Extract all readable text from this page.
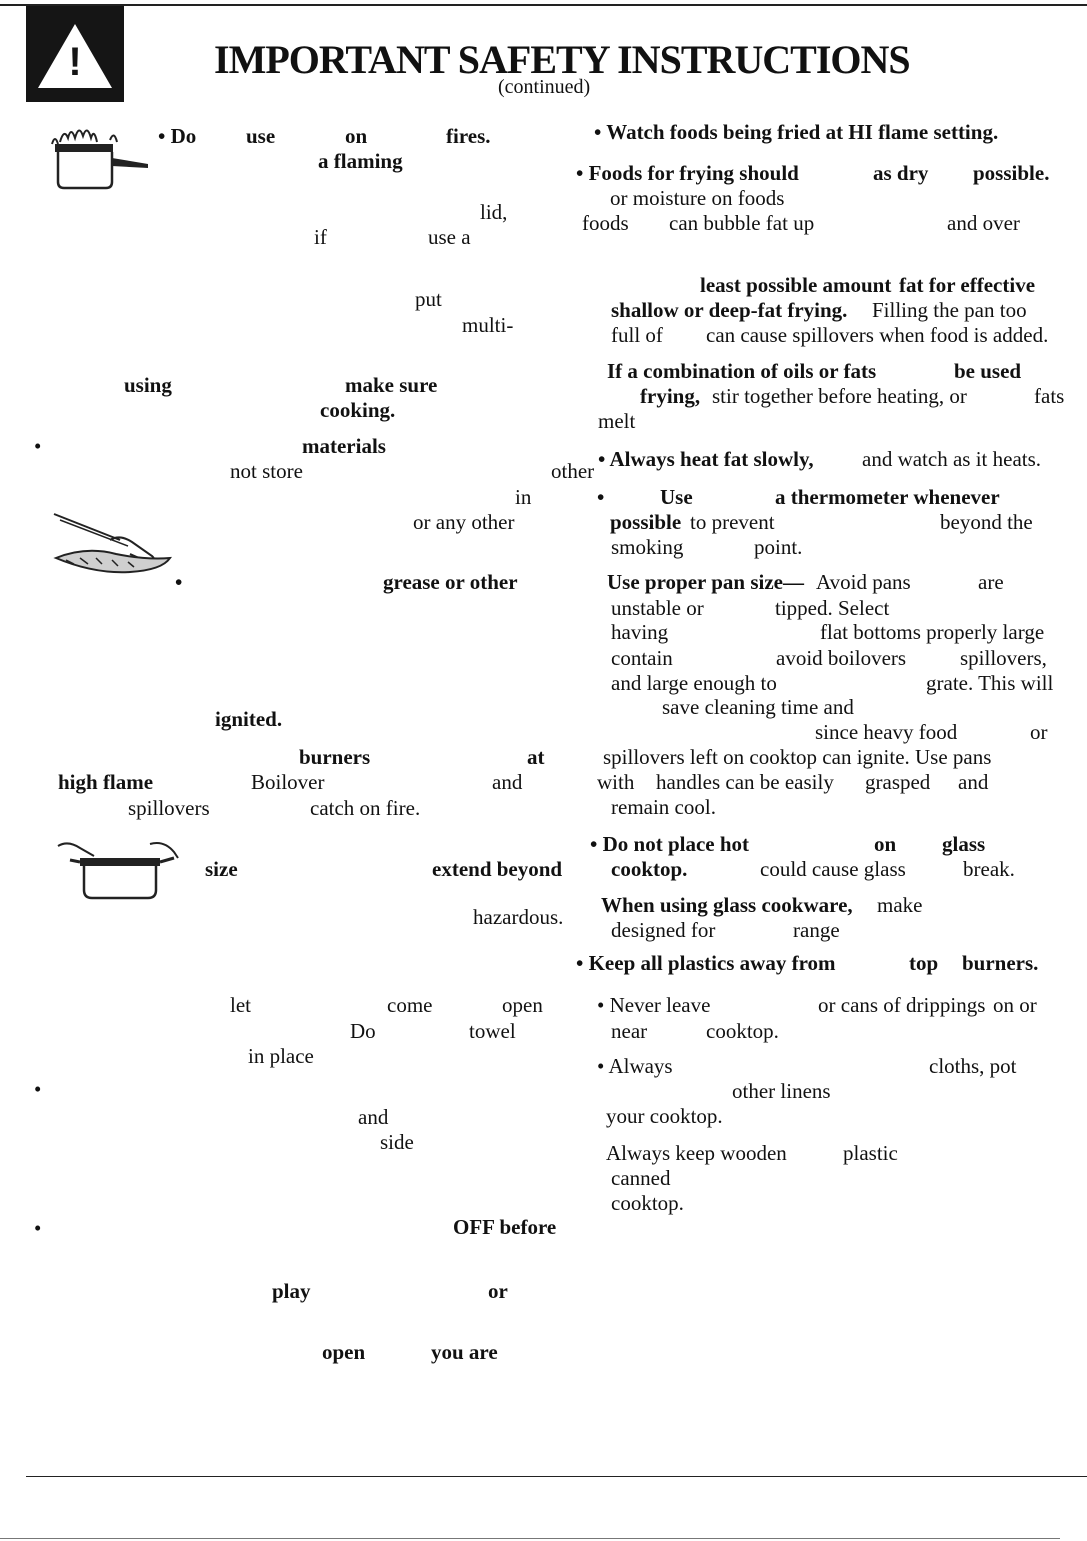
!	IMPORTANT SAFETY INSTRUCTIONS
(continued)
• Do use	on	fires.
a flaming
lid,
if	use a
put
multi-
using	make sure
cooking.
•	materials
not store	other
in
or any other
•	grease or other
ignited.
burners	at
high flame	Boilover	and
spillovers	catch on fire.
size	extend beyond
hazardous.
let	come	open
Do	towel
in place
•
and
side
•	OFF before
play	or
open	you are
• Watch foods being fried at HI flame setting.
• Foods for frying should	as dry possible.
or moisture on foods
foods can bubble fat up	and over
least possible amount fat for effective
shallow or deep-fat frying. Filling the pan too
full of can cause spillovers when food is added.
If a combination of oils or fats	be used
frying, stir together before heating, or	fats
melt
• Always heat fat slowly, and watch as it heats.
•	Use	a thermometer whenever
possible to prevent	beyond the
smoking	point.
Use proper pan size— Avoid pans	are
unstable or	tipped. Select
having	flat bottoms properly large
contain	avoid boilovers	spillovers,
and large enough to	grate. This will
save cleaning time and
since heavy food	or
spillovers left on cooktop can ignite. Use pans
with handles can be easily grasped and
remain cool.
• Do not place hot	on glass
cooktop.	could cause glass	break.
When using glass cookware, make
designed for	range
• Keep all plastics away from	top burners.
• Never leave	or cans of drippings on or
near	cooktop.
• Always	cloths, pot
other linens
your cooktop.
Always keep wooden	plastic
canned
cooktop.
